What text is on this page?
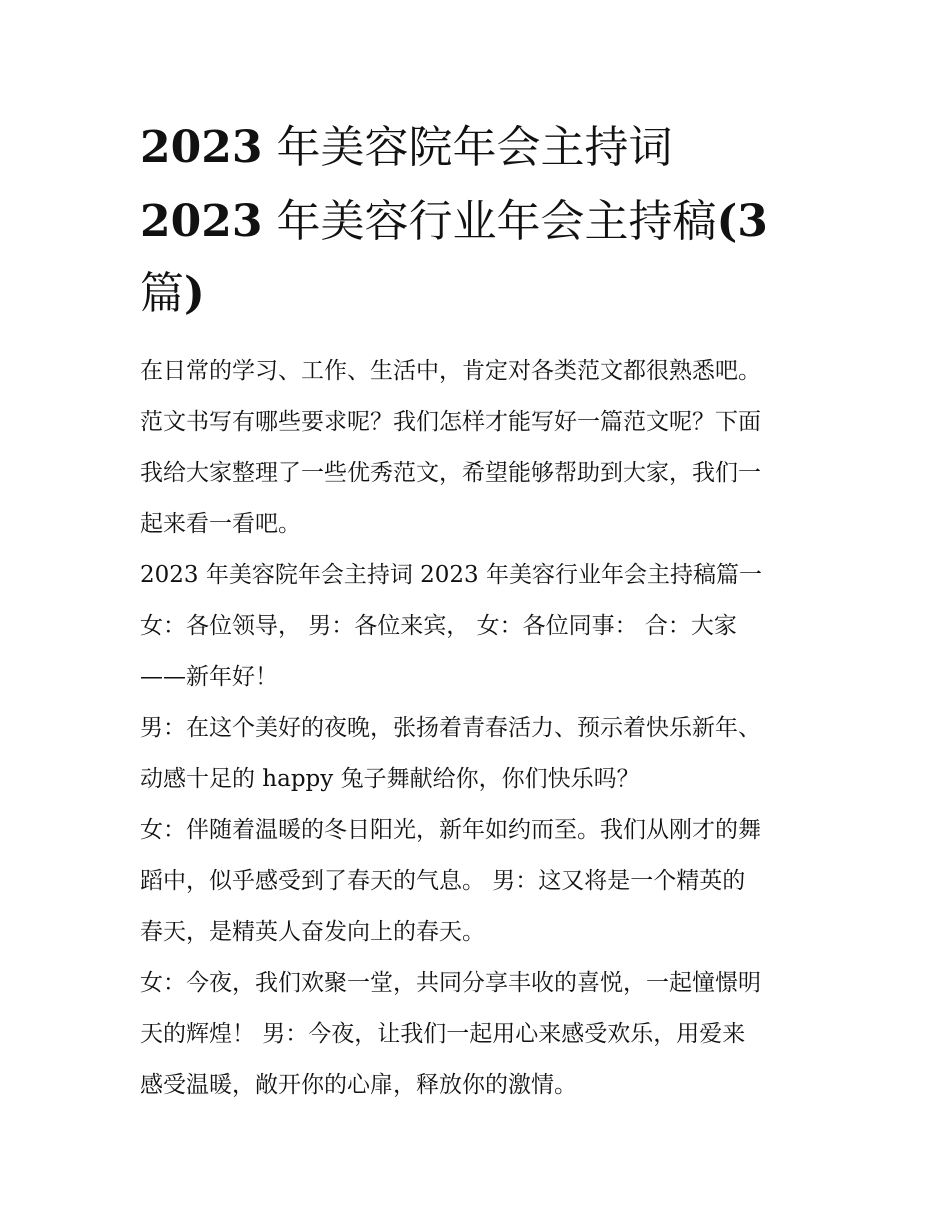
2023 年美容院年会主持词
2023 年美容行业年会主持稿(3
篇)
在日常的学习、工作、生活中，肯定对各类范文都很熟悉吧。
范文书写有哪些要求呢？我们怎样才能写好一篇范文呢？下面
我给大家整理了一些优秀范文，希望能够帮助到大家，我们一
起来看一看吧。
2023 年美容院年会主持词 2023 年美容行业年会主持稿篇一
女：各位领导， 男：各位来宾， 女：各位同事： 合：大家
——新年好！
男：在这个美好的夜晚，张扬着青春活力、预示着快乐新年、
动感十足的 happy 兔子舞献给你，你们快乐吗？
女：伴随着温暖的冬日阳光，新年如约而至。我们从刚才的舞
蹈中，似乎感受到了春天的气息。 男：这又将是一个精英的
春天，是精英人奋发向上的春天。
女：今夜，我们欢聚一堂，共同分享丰收的喜悦，一起憧憬明
天的辉煌！ 男：今夜，让我们一起用心来感受欢乐，用爱来
感受温暖，敞开你的心扉，释放你的激情。
